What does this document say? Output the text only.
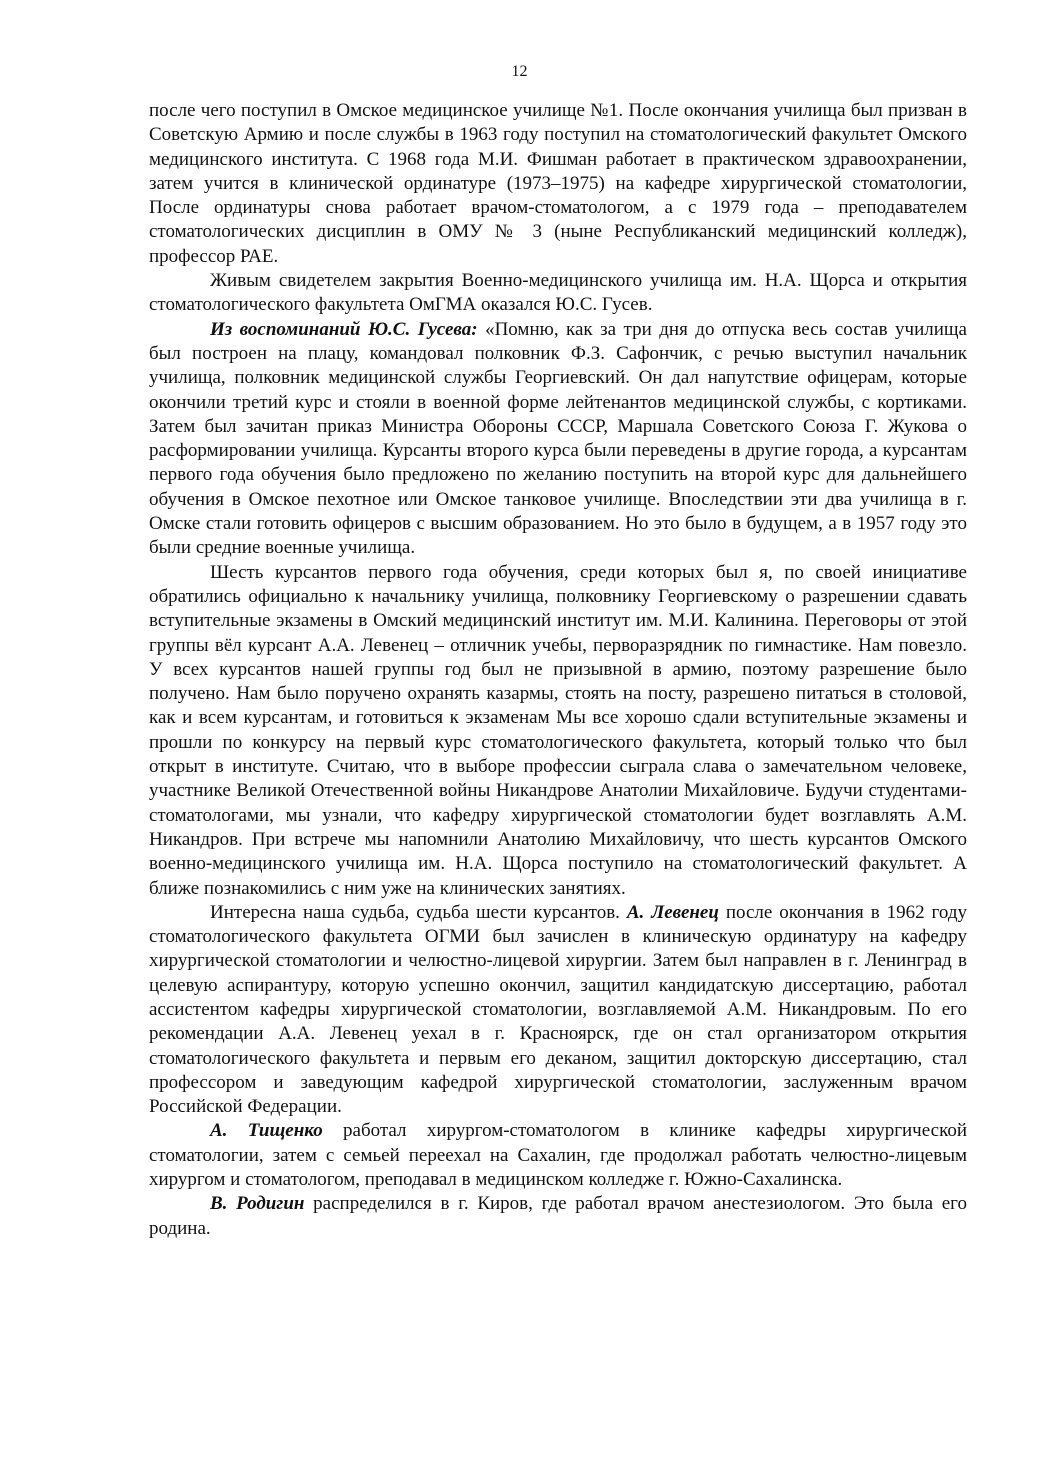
12

после чего поступил в Омское медицинское училище №1. После окончания училища был призван в Советскую Армию и после службы в 1963 году поступил на стоматологический факультет Омского медицинского института. С 1968 года М.И. Фишман работает в практическом здравоохранении, затем учится в клинической ординатуре (1973–1975) на кафедре хирургической стоматологии, После ординатуры снова работает врачом-стоматологом, а с 1979 года – преподавателем стоматологических дисциплин в ОМУ № 3 (ныне Республиканский медицинский колледж), профессор РАЕ.

Живым свидетелем закрытия Военно-медицинского училища им. Н.А. Щорса и открытия стоматологического факультета ОмГМА оказался Ю.С. Гусев.

Из воспоминаний Ю.С. Гусева: «Помню, как за три дня до отпуска весь состав училища был построен на плацу, командовал полковник Ф.З. Сафончик, с речью выступил начальник училища, полковник медицинской службы Георгиевский. Он дал напутствие офицерам, которые окончили третий курс и стояли в военной форме лейтенантов медицинской службы, с кортиками. Затем был зачитан приказ Министра Обороны СССР, Маршала Советского Союза Г. Жукова о расформировании училища. Курсанты второго курса были переведены в другие города, а курсантам первого года обучения было предложено по желанию поступить на второй курс для дальнейшего обучения в Омское пехотное или Омское танковое училище. Впоследствии эти два училища в г. Омске стали готовить офицеров с высшим образованием. Но это было в будущем, а в 1957 году это были средние военные училища.

Шесть курсантов первого года обучения, среди которых был я, по своей инициативе обратились официально к начальнику училища, полковнику Георгиевскому о разрешении сдавать вступительные экзамены в Омский медицинский институт им. М.И. Калинина. Переговоры от этой группы вёл курсант А.А. Левенец – отличник учебы, перворазрядник по гимнастике. Нам повезло. У всех курсантов нашей группы год был не призывной в армию, поэтому разрешение было получено. Нам было поручено охранять казармы, стоять на посту, разрешено питаться в столовой, как и всем курсантам, и готовиться к экзаменам Мы все хорошо сдали вступительные экзамены и прошли по конкурсу на первый курс стоматологического факультета, который только что был открыт в институте. Считаю, что в выборе профессии сыграла слава о замечательном человеке, участнике Великой Отечественной войны Никандрове Анатолии Михайловиче. Будучи студентами-стоматологами, мы узнали, что кафедру хирургической стоматологии будет возглавлять А.М. Никандров. При встрече мы напомнили Анатолию Михайловичу, что шесть курсантов Омского военно-медицинского училища им. Н.А. Щорса поступило на стоматологический факультет. А ближе познакомились с ним уже на клинических занятиях.

Интересна наша судьба, судьба шести курсантов. А. Левенец после окончания в 1962 году стоматологического факультета ОГМИ был зачислен в клиническую ординатуру на кафедру хирургической стоматологии и челюстно-лицевой хирургии. Затем был направлен в г. Ленинград в целевую аспирантуру, которую успешно окончил, защитил кандидатскую диссертацию, работал ассистентом кафедры хирургической стоматологии, возглавляемой А.М. Никандровым. По его рекомендации А.А. Левенец уехал в г. Красноярск, где он стал организатором открытия стоматологического факультета и первым его деканом, защитил докторскую диссертацию, стал профессором и заведующим кафедрой хирургической стоматологии, заслуженным врачом Российской Федерации.

А. Тищенко работал хирургом-стоматологом в клинике кафедры хирургической стоматологии, затем с семьей переехал на Сахалин, где продолжал работать челюстно-лицевым хирургом и стоматологом, преподавал в медицинском колледже г. Южно-Сахалинска.

В. Родигин распределился в г. Киров, где работал врачом анестезиологом. Это была его родина.
